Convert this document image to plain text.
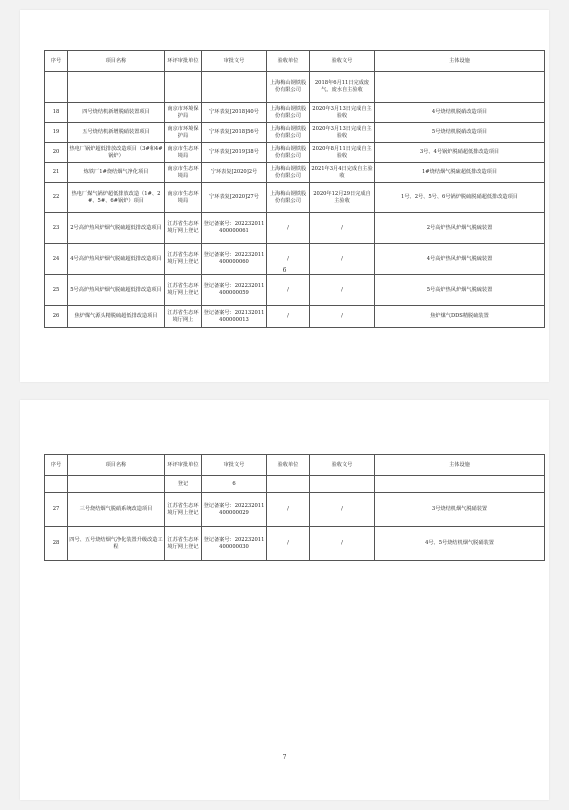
序号	项目名称	环评审批单位	审批文号	验收单位	验收文号	主体设施
				上海梅山钢铁股份有限公司	2018年6月11日完成废气、废水自主验收	
18	四号烧结机新增脱硝装置项目	南京市环境保护局	宁环表复[2018]40号	上海梅山钢铁股份有限公司	2020年3月13日完成自主验收	4号烧结机脱硝改造项目
19	五号烧结机新增脱硝装置项目	南京市环境保护局	宁环表复[2018]56号	上海梅山钢铁股份有限公司	2020年3月13日完成自主验收	5号烧结机脱硝改造项目
20	热电厂锅炉超低排放改造项目（3#和4#锅炉）	南京市生态环境局	宁环表复[2019]38号	上海梅山钢铁股份有限公司	2020年8月11日完成自主验收	3号、4号锅炉脱硝超低排改造项目
21	炼铁厂1#烧结烟气净化项目	南京市生态环境局	宁环表复[2020]2号	上海梅山钢铁股份有限公司	2021年3月4日完成自主验收	1#烧结烟气脱硫超低排改造项目
22	热电厂煤气锅炉超低排放改造（1#、2#、5#、6#锅炉）项目	南京市生态环境局	宁环表复[2020]27号	上海梅山钢铁股份有限公司	2020年12月29日完成自主验收	1号、2号、5号、6号锅炉脱硫脱硝超低排改造项目
23	2号高炉热风炉烟气脱硫超低排改造项目	江苏省生态环境厅网上登记	登记备案号：202232011400000061	/	/	2号高炉热风炉烟气脱硫装置
24	4号高炉热风炉烟气脱硫超低排改造项目	江苏省生态环境厅网上登记	登记备案号：202232011400000060	/	/	4号高炉热风炉烟气脱硫装置
25	5号高炉热风炉烟气脱硫超低排改造项目	江苏省生态环境厅网上登记	登记备案号：202232011400000059	/	/	5号高炉热风炉烟气脱硫装置
26	焦炉煤气源头精脱硫超低排改造项目	江苏省生态环境厅网上	登记备案号：202132011400000013	/	/	焦炉煤气DDS精脱硫装置
6
序号	项目名称	环评审批单位	审批文号	验收单位	验收文号	主体设施
		登记	6			
27	三号烧结烟气脱硝系统改造项目	江苏省生态环境厅网上登记	登记备案号：202232011400000029	/	/	3号烧结机烟气脱硝装置
28	四号、五号烧结烟气净化装置升级改造工程	江苏省生态环境厅网上登记	登记备案号：202232011400000030	/	/	4号、5号烧结机烟气脱硝装置
7
